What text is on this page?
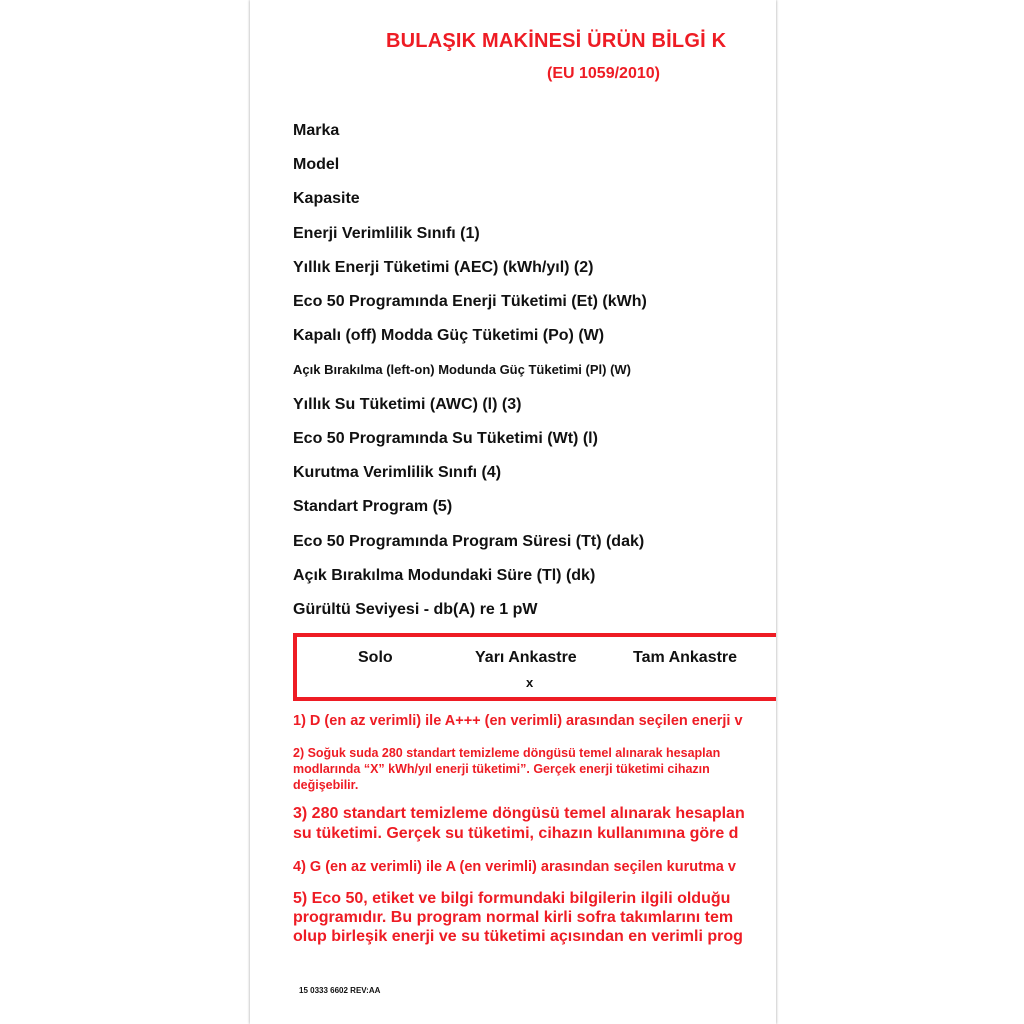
BULAŞIK MAKİNESİ ÜRÜN BİLGİ K
(EU 1059/2010)
Marka
Model
Kapasite
Enerji Verimlilik Sınıfı (1)
Yıllık Enerji Tüketimi (AEC) (kWh/yıl) (2)
Eco 50 Programında Enerji Tüketimi (Et) (kWh)
Kapalı (off) Modda Güç Tüketimi (Po) (W)
Açık Bırakılma (left-on) Modunda Güç Tüketimi (Pl) (W)
Yıllık Su Tüketimi (AWC) (l) (3)
Eco 50 Programında Su Tüketimi (Wt) (l)
Kurutma Verimlilik Sınıfı (4)
Standart Program (5)
Eco 50 Programında Program Süresi (Tt) (dak)
Açık Bırakılma Modundaki Süre (Tl) (dk)
Gürültü Seviyesi - db(A) re 1 pW
Solo	Yarı Ankastre	Tam Ankastre
x
1) D (en az verimli) ile A+++ (en verimli) arasından seçilen enerji v
2) Soğuk suda 280 standart temizleme döngüsü temel alınarak hesaplan
modlarında “X” kWh/yıl enerji tüketimi”. Gerçek enerji tüketimi cihazın
değişebilir.
3) 280 standart temizleme döngüsü temel alınarak hesaplan
su tüketimi. Gerçek su tüketimi, cihazın kullanımına göre d
4) G (en az verimli) ile A (en verimli) arasından seçilen kurutma v
5) Eco 50, etiket ve bilgi formundaki bilgilerin ilgili olduğu
programıdır. Bu program normal kirli sofra takımlarını tem
olup birleşik enerji ve su tüketimi açısından en verimli prog
15 0333 6602 REV:AA
